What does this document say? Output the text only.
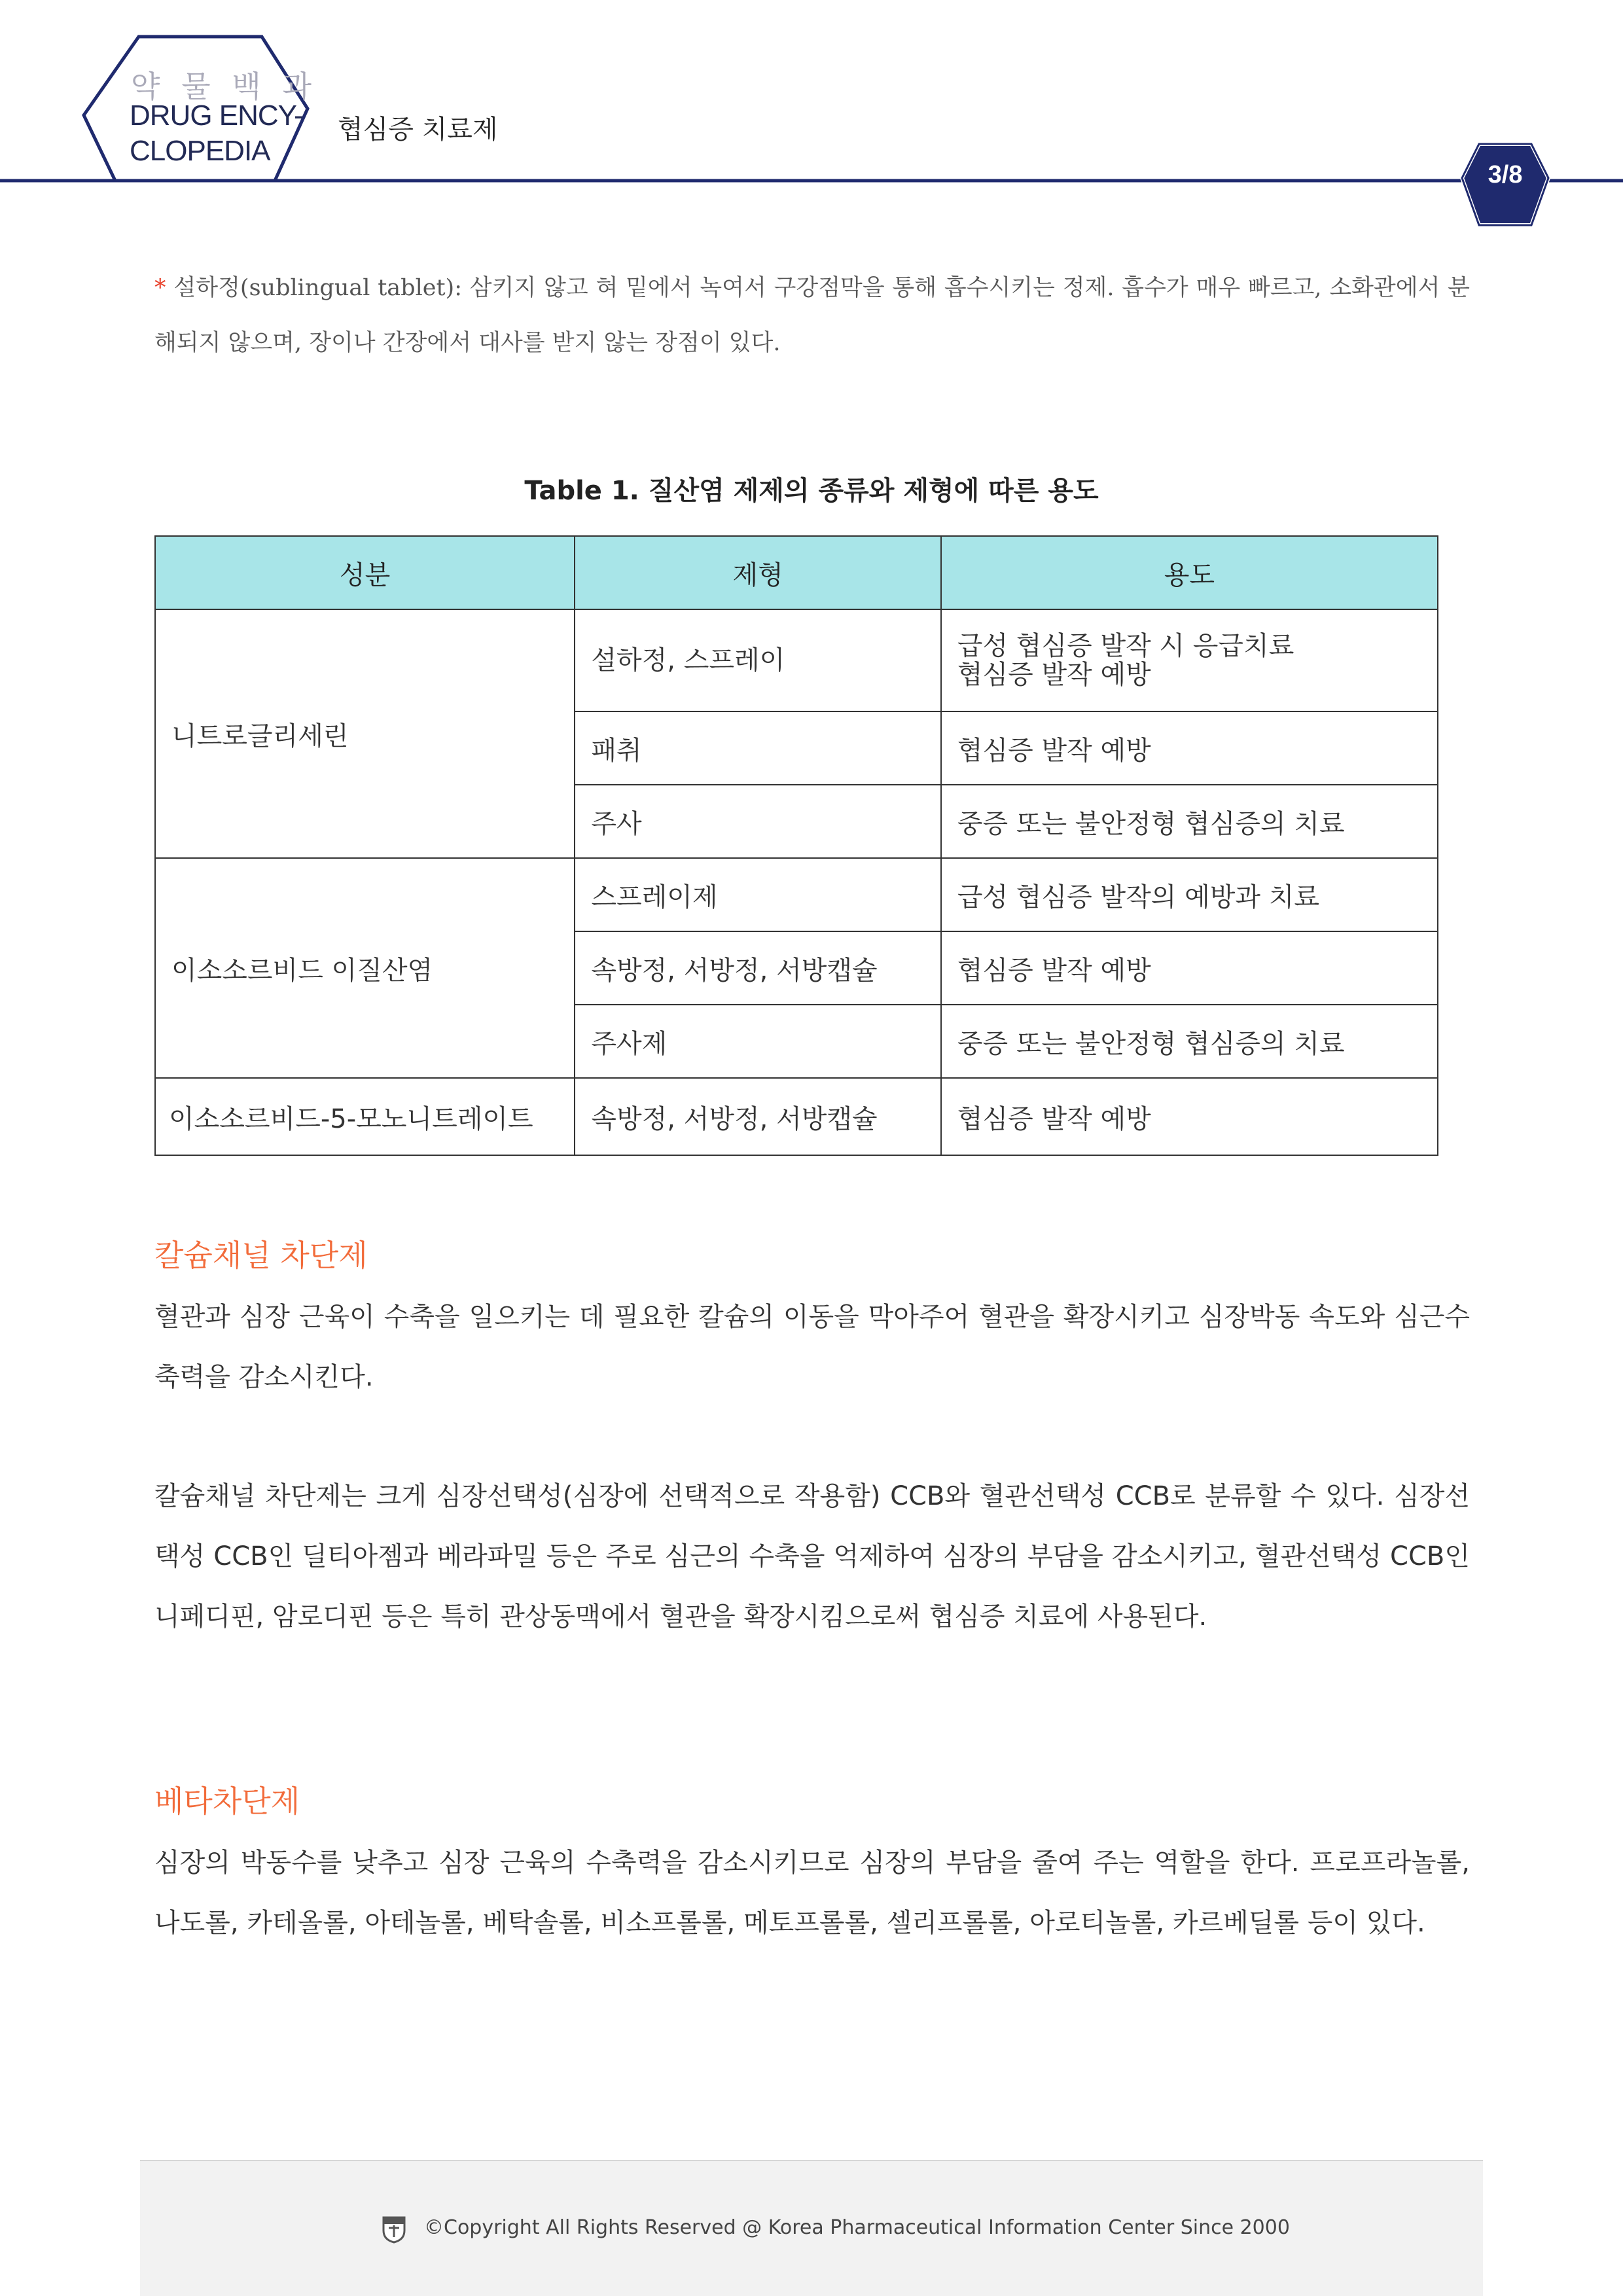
약 물 백 과
DRUG ENCY-
CLOPEDIA
협심증 치료제
3/8
* 설하정(sublingual tablet): 삼키지 않고 혀 밑에서 녹여서 구강점막을 통해 흡수시키는 정제. 흡수가 매우 빠르고, 소화관에서 분해되지 않으며, 장이나 간장에서 대사를 받지 않는 장점이 있다.
Table 1. 질산염 제제의 종류와 제형에 따른 용도
성분	제형	용도
니트로글리세린	설하정, 스프레이	급성 협심증 발작 시 응급치료
협심증 발작 예방

	패취	협심증 발작 예방
	주사	중증 또는 불안정형 협심증의 치료
이소소르비드 이질산염	스프레이제	급성 협심증 발작의 예방과 치료
	속방정, 서방정, 서방캡슐	협심증 발작 예방
	주사제	중증 또는 불안정형 협심증의 치료
이소소르비드-5-모노니트레이트	속방정, 서방정, 서방캡슐	협심증 발작 예방
칼슘채널 차단제
혈관과 심장 근육이 수축을 일으키는 데 필요한 칼슘의 이동을 막아주어 혈관을 확장시키고 심장박동 속도와 심근수축력을 감소시킨다.
칼슘채널 차단제는 크게 심장선택성(심장에 선택적으로 작용함) CCB와 혈관선택성 CCB로 분류할 수 있다. 심장선택성 CCB인 딜티아젬과 베라파밀 등은 주로 심근의 수축을 억제하여 심장의 부담을 감소시키고, 혈관선택성 CCB인 니페디핀, 암로디핀 등은 특히 관상동맥에서 혈관을 확장시킴으로써 협심증 치료에 사용된다.
베타차단제
심장의 박동수를 낮추고 심장 근육의 수축력을 감소시키므로 심장의 부담을 줄여 주는 역할을 한다. 프로프라놀롤, 나도롤, 카테올롤, 아테놀롤, 베탁솔롤, 비소프롤롤, 메토프롤롤, 셀리프롤롤, 아로티놀롤, 카르베딜롤 등이 있다.
©Copyright All Rights Reserved @ Korea Pharmaceutical Information Center Since 2000
